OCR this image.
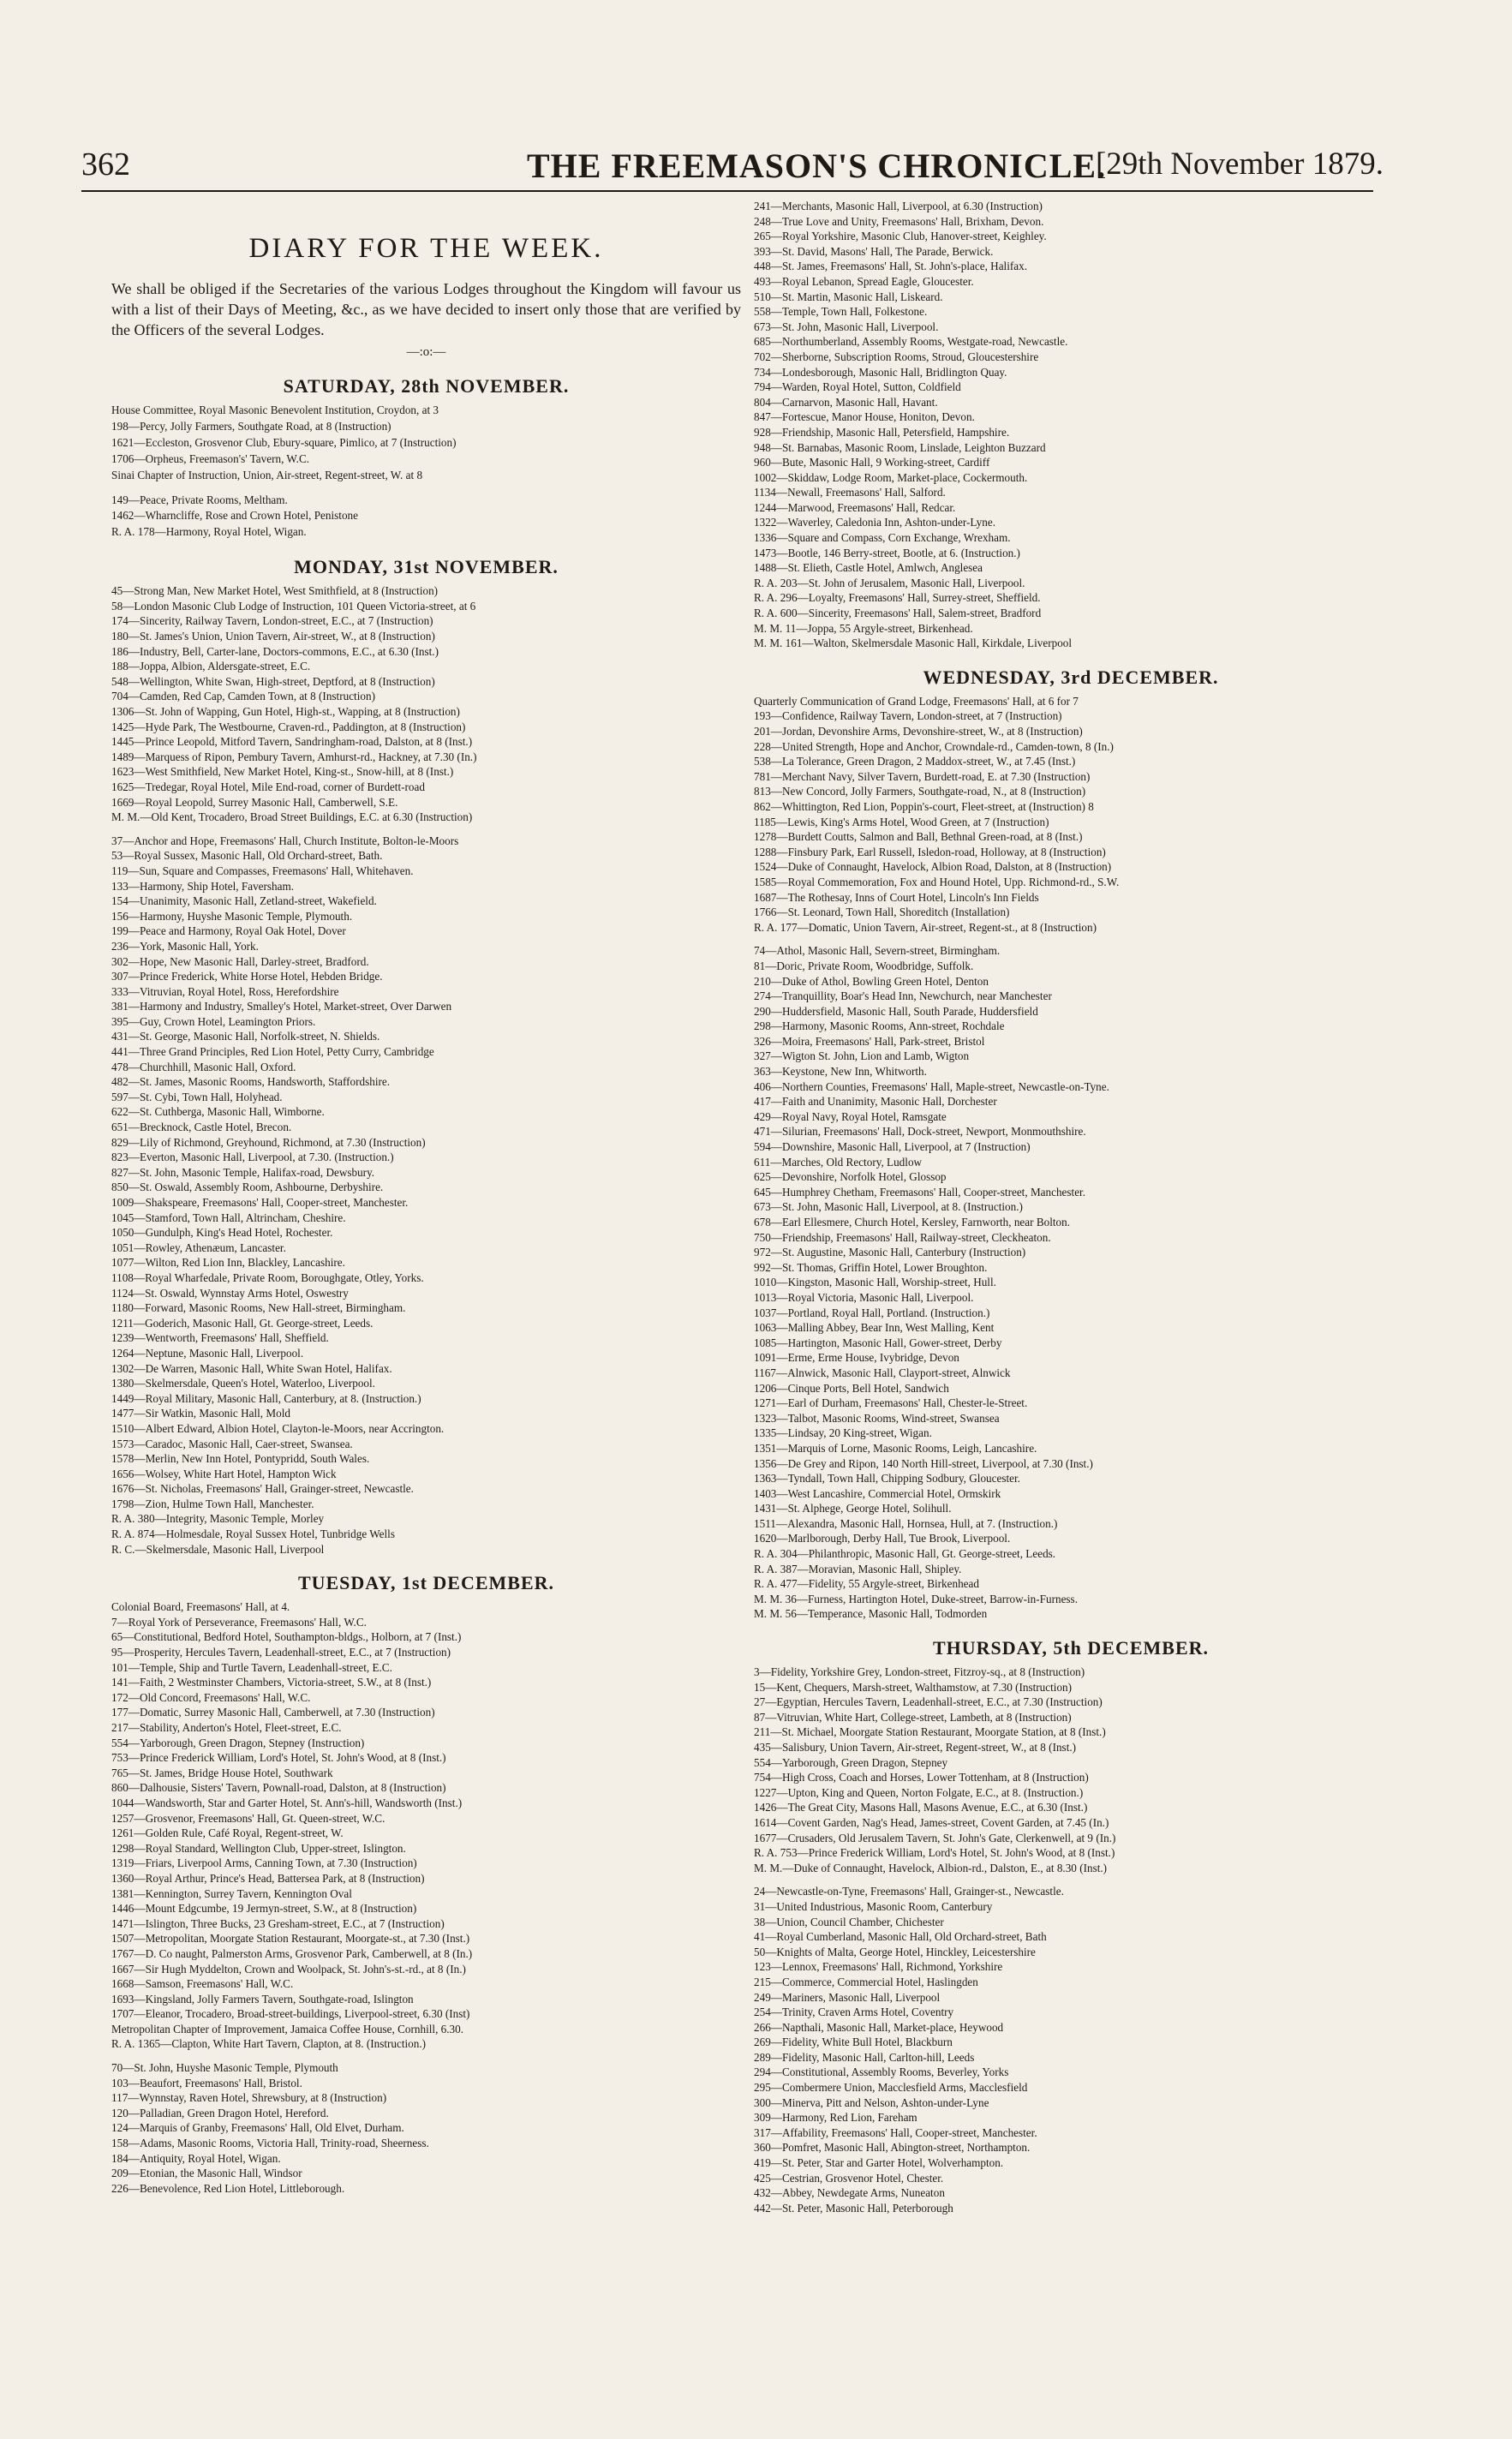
362	THE FREEMASON'S CHRONICLE.
[29th November 1879.
DIARY FOR THE WEEK.
We shall be obliged if the Secretaries of the various Lodges throughout the Kingdom will favour us with a list of their Days of Meeting, &c., as we have decided to insert only those that are verified by the Officers of the several Lodges.
—:o:—
SATURDAY, 28th NOVEMBER.
House Committee, Royal Masonic Benevolent Institution, Croydon, at 3
198—Percy, Jolly Farmers, Southgate Road, at 8 (Instruction)
1621—Eccleston, Grosvenor Club, Ebury-square, Pimlico, at 7 (Instruction)
1706—Orpheus, Freemason's' Tavern, W.C.
Sinai Chapter of Instruction, Union, Air-street, Regent-street, W. at 8
149—Peace, Private Rooms, Meltham.
1462—Wharncliffe, Rose and Crown Hotel, Penistone
R. A. 178—Harmony, Royal Hotel, Wigan.
MONDAY, 31st NOVEMBER.
45—Strong Man, New Market Hotel, West Smithfield, at 8 (Instruction)
58—London Masonic Club Lodge of Instruction, 101 Queen Victoria-street, at 6
174—Sincerity, Railway Tavern, London-street, E.C., at 7 (Instruction)
180—St. James's Union, Union Tavern, Air-street, W., at 8 (Instruction)
186—Industry, Bell, Carter-lane, Doctors-commons, E.C., at 6.30 (Inst.)
188—Joppa, Albion, Aldersgate-street, E.C.
548—Wellington, White Swan, High-street, Deptford, at 8 (Instruction)
704—Camden, Red Cap, Camden Town, at 8 (Instruction)
1306—St. John of Wapping, Gun Hotel, High-st., Wapping, at 8 (Instruction)
1425—Hyde Park, The Westbourne, Craven-rd., Paddington, at 8 (Instruction)
1445—Prince Leopold, Mitford Tavern, Sandringham-road, Dalston, at 8 (Inst.)
1489—Marquess of Ripon, Pembury Tavern, Amhurst-rd., Hackney, at 7.30 (In.)
1623—West Smithfield, New Market Hotel, King-st., Snow-hill, at 8 (Inst.)
1625—Tredegar, Royal Hotel, Mile End-road, corner of Burdett-road
1669—Royal Leopold, Surrey Masonic Hall, Camberwell, S.E.
M. M.—Old Kent, Trocadero, Broad Street Buildings, E.C. at 6.30 (Instruction)
37—Anchor and Hope, Freemasons' Hall, Church Institute, Bolton-le-Moors
53—Royal Sussex, Masonic Hall, Old Orchard-street, Bath.
119—Sun, Square and Compasses, Freemasons' Hall, Whitehaven.
133—Harmony, Ship Hotel, Faversham.
154—Unanimity, Masonic Hall, Zetland-street, Wakefield.
156—Harmony, Huyshe Masonic Temple, Plymouth.
199—Peace and Harmony, Royal Oak Hotel, Dover
236—York, Masonic Hall, York.
302—Hope, New Masonic Hall, Darley-street, Bradford.
307—Prince Frederick, White Horse Hotel, Hebden Bridge.
333—Vitruvian, Royal Hotel, Ross, Herefordshire
381—Harmony and Industry, Smalley's Hotel, Market-street, Over Darwen
395—Guy, Crown Hotel, Leamington Priors.
431—St. George, Masonic Hall, Norfolk-street, N. Shields.
441—Three Grand Principles, Red Lion Hotel, Petty Curry, Cambridge
478—Churchhill, Masonic Hall, Oxford.
482—St. James, Masonic Rooms, Handsworth, Staffordshire.
597—St. Cybi, Town Hall, Holyhead.
622—St. Cuthberga, Masonic Hall, Wimborne.
651—Brecknock, Castle Hotel, Brecon.
829—Lily of Richmond, Greyhound, Richmond, at 7.30 (Instruction)
823—Everton, Masonic Hall, Liverpool, at 7.30. (Instruction.)
827—St. John, Masonic Temple, Halifax-road, Dewsbury.
850—St. Oswald, Assembly Room, Ashbourne, Derbyshire.
1009—Shakspeare, Freemasons' Hall, Cooper-street, Manchester.
1045—Stamford, Town Hall, Altrincham, Cheshire.
1050—Gundulph, King's Head Hotel, Rochester.
1051—Rowley, Athenæum, Lancaster.
1077—Wilton, Red Lion Inn, Blackley, Lancashire.
1108—Royal Wharfedale, Private Room, Boroughgate, Otley, Yorks.
1124—St. Oswald, Wynnstay Arms Hotel, Oswestry
1180—Forward, Masonic Rooms, New Hall-street, Birmingham.
1211—Goderich, Masonic Hall, Gt. George-street, Leeds.
1239—Wentworth, Freemasons' Hall, Sheffield.
1264—Neptune, Masonic Hall, Liverpool.
1302—De Warren, Masonic Hall, White Swan Hotel, Halifax.
1380—Skelmersdale, Queen's Hotel, Waterloo, Liverpool.
1449—Royal Military, Masonic Hall, Canterbury, at 8. (Instruction.)
1477—Sir Watkin, Masonic Hall, Mold
1510—Albert Edward, Albion Hotel, Clayton-le-Moors, near Accrington.
1573—Caradoc, Masonic Hall, Caer-street, Swansea.
1578—Merlin, New Inn Hotel, Pontypridd, South Wales.
1656—Wolsey, White Hart Hotel, Hampton Wick
1676—St. Nicholas, Freemasons' Hall, Grainger-street, Newcastle.
1798—Zion, Hulme Town Hall, Manchester.
R. A. 380—Integrity, Masonic Temple, Morley
R. A. 874—Holmesdale, Royal Sussex Hotel, Tunbridge Wells
R. C.—Skelmersdale, Masonic Hall, Liverpool
TUESDAY, 1st DECEMBER.
Colonial Board, Freemasons' Hall, at 4.
7—Royal York of Perseverance, Freemasons' Hall, W.C.
65—Constitutional, Bedford Hotel, Southampton-bldgs., Holborn, at 7 (Inst.)
95—Prosperity, Hercules Tavern, Leadenhall-street, E.C., at 7 (Instruction)
101—Temple, Ship and Turtle Tavern, Leadenhall-street, E.C.
141—Faith, 2 Westminster Chambers, Victoria-street, S.W., at 8 (Inst.)
172—Old Concord, Freemasons' Hall, W.C.
177—Domatic, Surrey Masonic Hall, Camberwell, at 7.30 (Instruction)
217—Stability, Anderton's Hotel, Fleet-street, E.C.
554—Yarborough, Green Dragon, Stepney (Instruction)
753—Prince Frederick William, Lord's Hotel, St. John's Wood, at 8 (Inst.)
765—St. James, Bridge House Hotel, Southwark
860—Dalhousie, Sisters' Tavern, Pownall-road, Dalston, at 8 (Instruction)
1044—Wandsworth, Star and Garter Hotel, St. Ann's-hill, Wandsworth (Inst.)
1257—Grosvenor, Freemasons' Hall, Gt. Queen-street, W.C.
1261—Golden Rule, Café Royal, Regent-street, W.
1298—Royal Standard, Wellington Club, Upper-street, Islington.
1319—Friars, Liverpool Arms, Canning Town, at 7.30 (Instruction)
1360—Royal Arthur, Prince's Head, Battersea Park, at 8 (Instruction)
1381—Kennington, Surrey Tavern, Kennington Oval
1446—Mount Edgcumbe, 19 Jermyn-street, S.W., at 8 (Instruction)
1471—Islington, Three Bucks, 23 Gresham-street, E.C., at 7 (Instruction)
1507—Metropolitan, Moorgate Station Restaurant, Moorgate-st., at 7.30 (Inst.)
1767—D. Co naught, Palmerston Arms, Grosvenor Park, Camberwell, at 8 (In.)
1667—Sir Hugh Myddelton, Crown and Woolpack, St. John's-st.-rd., at 8 (In.)
1668—Samson, Freemasons' Hall, W.C.
1693—Kingsland, Jolly Farmers Tavern, Southgate-road, Islington
1707—Eleanor, Trocadero, Broad-street-buildings, Liverpool-street, 6.30 (Inst)
Metropolitan Chapter of Improvement, Jamaica Coffee House, Cornhill, 6.30.
R. A. 1365—Clapton, White Hart Tavern, Clapton, at 8. (Instruction.)
70—St. John, Huyshe Masonic Temple, Plymouth
103—Beaufort, Freemasons' Hall, Bristol.
117—Wynnstay, Raven Hotel, Shrewsbury, at 8 (Instruction)
120—Palladian, Green Dragon Hotel, Hereford.
124—Marquis of Granby, Freemasons' Hall, Old Elvet, Durham.
158—Adams, Masonic Rooms, Victoria Hall, Trinity-road, Sheerness.
184—Antiquity, Royal Hotel, Wigan.
209—Etonian, the Masonic Hall, Windsor
226—Benevolence, Red Lion Hotel, Littleborough.
241—Merchants, Masonic Hall, Liverpool, at 6.30 (Instruction)
248—True Love and Unity, Freemasons' Hall, Brixham, Devon.
265—Royal Yorkshire, Masonic Club, Hanover-street, Keighley.
393—St. David, Masons' Hall, The Parade, Berwick.
448—St. James, Freemasons' Hall, St. John's-place, Halifax.
493—Royal Lebanon, Spread Eagle, Gloucester.
510—St. Martin, Masonic Hall, Liskeard.
558—Temple, Town Hall, Folkestone.
673—St. John, Masonic Hall, Liverpool.
685—Northumberland, Assembly Rooms, Westgate-road, Newcastle.
702—Sherborne, Subscription Rooms, Stroud, Gloucestershire
734—Londesborough, Masonic Hall, Bridlington Quay.
794—Warden, Royal Hotel, Sutton, Coldfield
804—Carnarvon, Masonic Hall, Havant.
847—Fortescue, Manor House, Honiton, Devon.
928—Friendship, Masonic Hall, Petersfield, Hampshire.
948—St. Barnabas, Masonic Room, Linslade, Leighton Buzzard
960—Bute, Masonic Hall, 9 Working-street, Cardiff
1002—Skiddaw, Lodge Room, Market-place, Cockermouth.
1134—Newall, Freemasons' Hall, Salford.
1244—Marwood, Freemasons' Hall, Redcar.
1322—Waverley, Caledonia Inn, Ashton-under-Lyne.
1336—Square and Compass, Corn Exchange, Wrexham.
1473—Bootle, 146 Berry-street, Bootle, at 6. (Instruction.)
1488—St. Elieth, Castle Hotel, Amlwch, Anglesea
R. A. 203—St. John of Jerusalem, Masonic Hall, Liverpool.
R. A. 296—Loyalty, Freemasons' Hall, Surrey-street, Sheffield.
R. A. 600—Sincerity, Freemasons' Hall, Salem-street, Bradford
M. M. 11—Joppa, 55 Argyle-street, Birkenhead.
M. M. 161—Walton, Skelmersdale Masonic Hall, Kirkdale, Liverpool
WEDNESDAY, 3rd DECEMBER.
Quarterly Communication of Grand Lodge, Freemasons' Hall, at 6 for 7
193—Confidence, Railway Tavern, London-street, at 7 (Instruction)
201—Jordan, Devonshire Arms, Devonshire-street, W., at 8 (Instruction)
228—United Strength, Hope and Anchor, Crowndale-rd., Camden-town, 8 (In.)
538—La Tolerance, Green Dragon, 2 Maddox-street, W., at 7.45 (Inst.)
781—Merchant Navy, Silver Tavern, Burdett-road, E. at 7.30 (Instruction)
813—New Concord, Jolly Farmers, Southgate-road, N., at 8 (Instruction)
862—Whittington, Red Lion, Poppin's-court, Fleet-street, at (Instruction) 8
1185—Lewis, King's Arms Hotel, Wood Green, at 7 (Instruction)
1278—Burdett Coutts, Salmon and Ball, Bethnal Green-road, at 8 (Inst.)
1288—Finsbury Park, Earl Russell, Isledon-road, Holloway, at 8 (Instruction)
1524—Duke of Connaught, Havelock, Albion Road, Dalston, at 8 (Instruction)
1585—Royal Commemoration, Fox and Hound Hotel, Upp. Richmond-rd., S.W.
1687—The Rothesay, Inns of Court Hotel, Lincoln's Inn Fields
1766—St. Leonard, Town Hall, Shoreditch (Installation)
R. A. 177—Domatic, Union Tavern, Air-street, Regent-st., at 8 (Instruction)
74—Athol, Masonic Hall, Severn-street, Birmingham.
81—Doric, Private Room, Woodbridge, Suffolk.
210—Duke of Athol, Bowling Green Hotel, Denton
274—Tranquillity, Boar's Head Inn, Newchurch, near Manchester
290—Huddersfield, Masonic Hall, South Parade, Huddersfield
298—Harmony, Masonic Rooms, Ann-street, Rochdale
326—Moira, Freemasons' Hall, Park-street, Bristol
327—Wigton St. John, Lion and Lamb, Wigton
363—Keystone, New Inn, Whitworth.
406—Northern Counties, Freemasons' Hall, Maple-street, Newcastle-on-Tyne.
417—Faith and Unanimity, Masonic Hall, Dorchester
429—Royal Navy, Royal Hotel, Ramsgate
471—Silurian, Freemasons' Hall, Dock-street, Newport, Monmouthshire.
594—Downshire, Masonic Hall, Liverpool, at 7 (Instruction)
611—Marches, Old Rectory, Ludlow
625—Devonshire, Norfolk Hotel, Glossop
645—Humphrey Chetham, Freemasons' Hall, Cooper-street, Manchester.
673—St. John, Masonic Hall, Liverpool, at 8. (Instruction.)
678—Earl Ellesmere, Church Hotel, Kersley, Farnworth, near Bolton.
750—Friendship, Freemasons' Hall, Railway-street, Cleckheaton.
972—St. Augustine, Masonic Hall, Canterbury (Instruction)
992—St. Thomas, Griffin Hotel, Lower Broughton.
1010—Kingston, Masonic Hall, Worship-street, Hull.
1013—Royal Victoria, Masonic Hall, Liverpool.
1037—Portland, Royal Hall, Portland. (Instruction.)
1063—Malling Abbey, Bear Inn, West Malling, Kent
1085—Hartington, Masonic Hall, Gower-street, Derby
1091—Erme, Erme House, Ivybridge, Devon
1167—Alnwick, Masonic Hall, Clayport-street, Alnwick
1206—Cinque Ports, Bell Hotel, Sandwich
1271—Earl of Durham, Freemasons' Hall, Chester-le-Street.
1323—Talbot, Masonic Rooms, Wind-street, Swansea
1335—Lindsay, 20 King-street, Wigan.
1351—Marquis of Lorne, Masonic Rooms, Leigh, Lancashire.
1356—De Grey and Ripon, 140 North Hill-street, Liverpool, at 7.30 (Inst.)
1363—Tyndall, Town Hall, Chipping Sodbury, Gloucester.
1403—West Lancashire, Commercial Hotel, Ormskirk
1431—St. Alphege, George Hotel, Solihull.
1511—Alexandra, Masonic Hall, Hornsea, Hull, at 7. (Instruction.)
1620—Marlborough, Derby Hall, Tue Brook, Liverpool.
R. A. 304—Philanthropic, Masonic Hall, Gt. George-street, Leeds.
R. A. 387—Moravian, Masonic Hall, Shipley.
R. A. 477—Fidelity, 55 Argyle-street, Birkenhead
M. M. 36—Furness, Hartington Hotel, Duke-street, Barrow-in-Furness.
M. M. 56—Temperance, Masonic Hall, Todmorden
THURSDAY, 5th DECEMBER.
3—Fidelity, Yorkshire Grey, London-street, Fitzroy-sq., at 8 (Instruction)
15—Kent, Chequers, Marsh-street, Walthamstow, at 7.30 (Instruction)
27—Egyptian, Hercules Tavern, Leadenhall-street, E.C., at 7.30 (Instruction)
87—Vitruvian, White Hart, College-street, Lambeth, at 8 (Instruction)
211—St. Michael, Moorgate Station Restaurant, Moorgate Station, at 8 (Inst.)
435—Salisbury, Union Tavern, Air-street, Regent-street, W., at 8 (Inst.)
554—Yarborough, Green Dragon, Stepney
754—High Cross, Coach and Horses, Lower Tottenham, at 8 (Instruction)
1227—Upton, King and Queen, Norton Folgate, E.C., at 8. (Instruction.)
1426—The Great City, Masons Hall, Masons Avenue, E.C., at 6.30 (Inst.)
1614—Covent Garden, Nag's Head, James-street, Covent Garden, at 7.45 (In.)
1677—Crusaders, Old Jerusalem Tavern, St. John's Gate, Clerkenwell, at 9 (In.)
R. A. 753—Prince Frederick William, Lord's Hotel, St. John's Wood, at 8 (Inst.)
M. M.—Duke of Connaught, Havelock, Albion-rd., Dalston, E., at 8.30 (Inst.)
24—Newcastle-on-Tyne, Freemasons' Hall, Grainger-st., Newcastle.
31—United Industrious, Masonic Room, Canterbury
38—Union, Council Chamber, Chichester
41—Royal Cumberland, Masonic Hall, Old Orchard-street, Bath
50—Knights of Malta, George Hotel, Hinckley, Leicestershire
123—Lennox, Freemasons' Hall, Richmond, Yorkshire
215—Commerce, Commercial Hotel, Haslingden
249—Mariners, Masonic Hall, Liverpool
254—Trinity, Craven Arms Hotel, Coventry
266—Napthali, Masonic Hall, Market-place, Heywood
269—Fidelity, White Bull Hotel, Blackburn
289—Fidelity, Masonic Hall, Carlton-hill, Leeds
294—Constitutional, Assembly Rooms, Beverley, Yorks
295—Combermere Union, Macclesfield Arms, Macclesfield
300—Minerva, Pitt and Nelson, Ashton-under-Lyne
309—Harmony, Red Lion, Fareham
317—Affability, Freemasons' Hall, Cooper-street, Manchester.
360—Pomfret, Masonic Hall, Abington-street, Northampton.
419—St. Peter, Star and Garter Hotel, Wolverhampton.
425—Cestrian, Grosvenor Hotel, Chester.
432—Abbey, Newdegate Arms, Nuneaton
442—St. Peter, Masonic Hall, Peterborough
